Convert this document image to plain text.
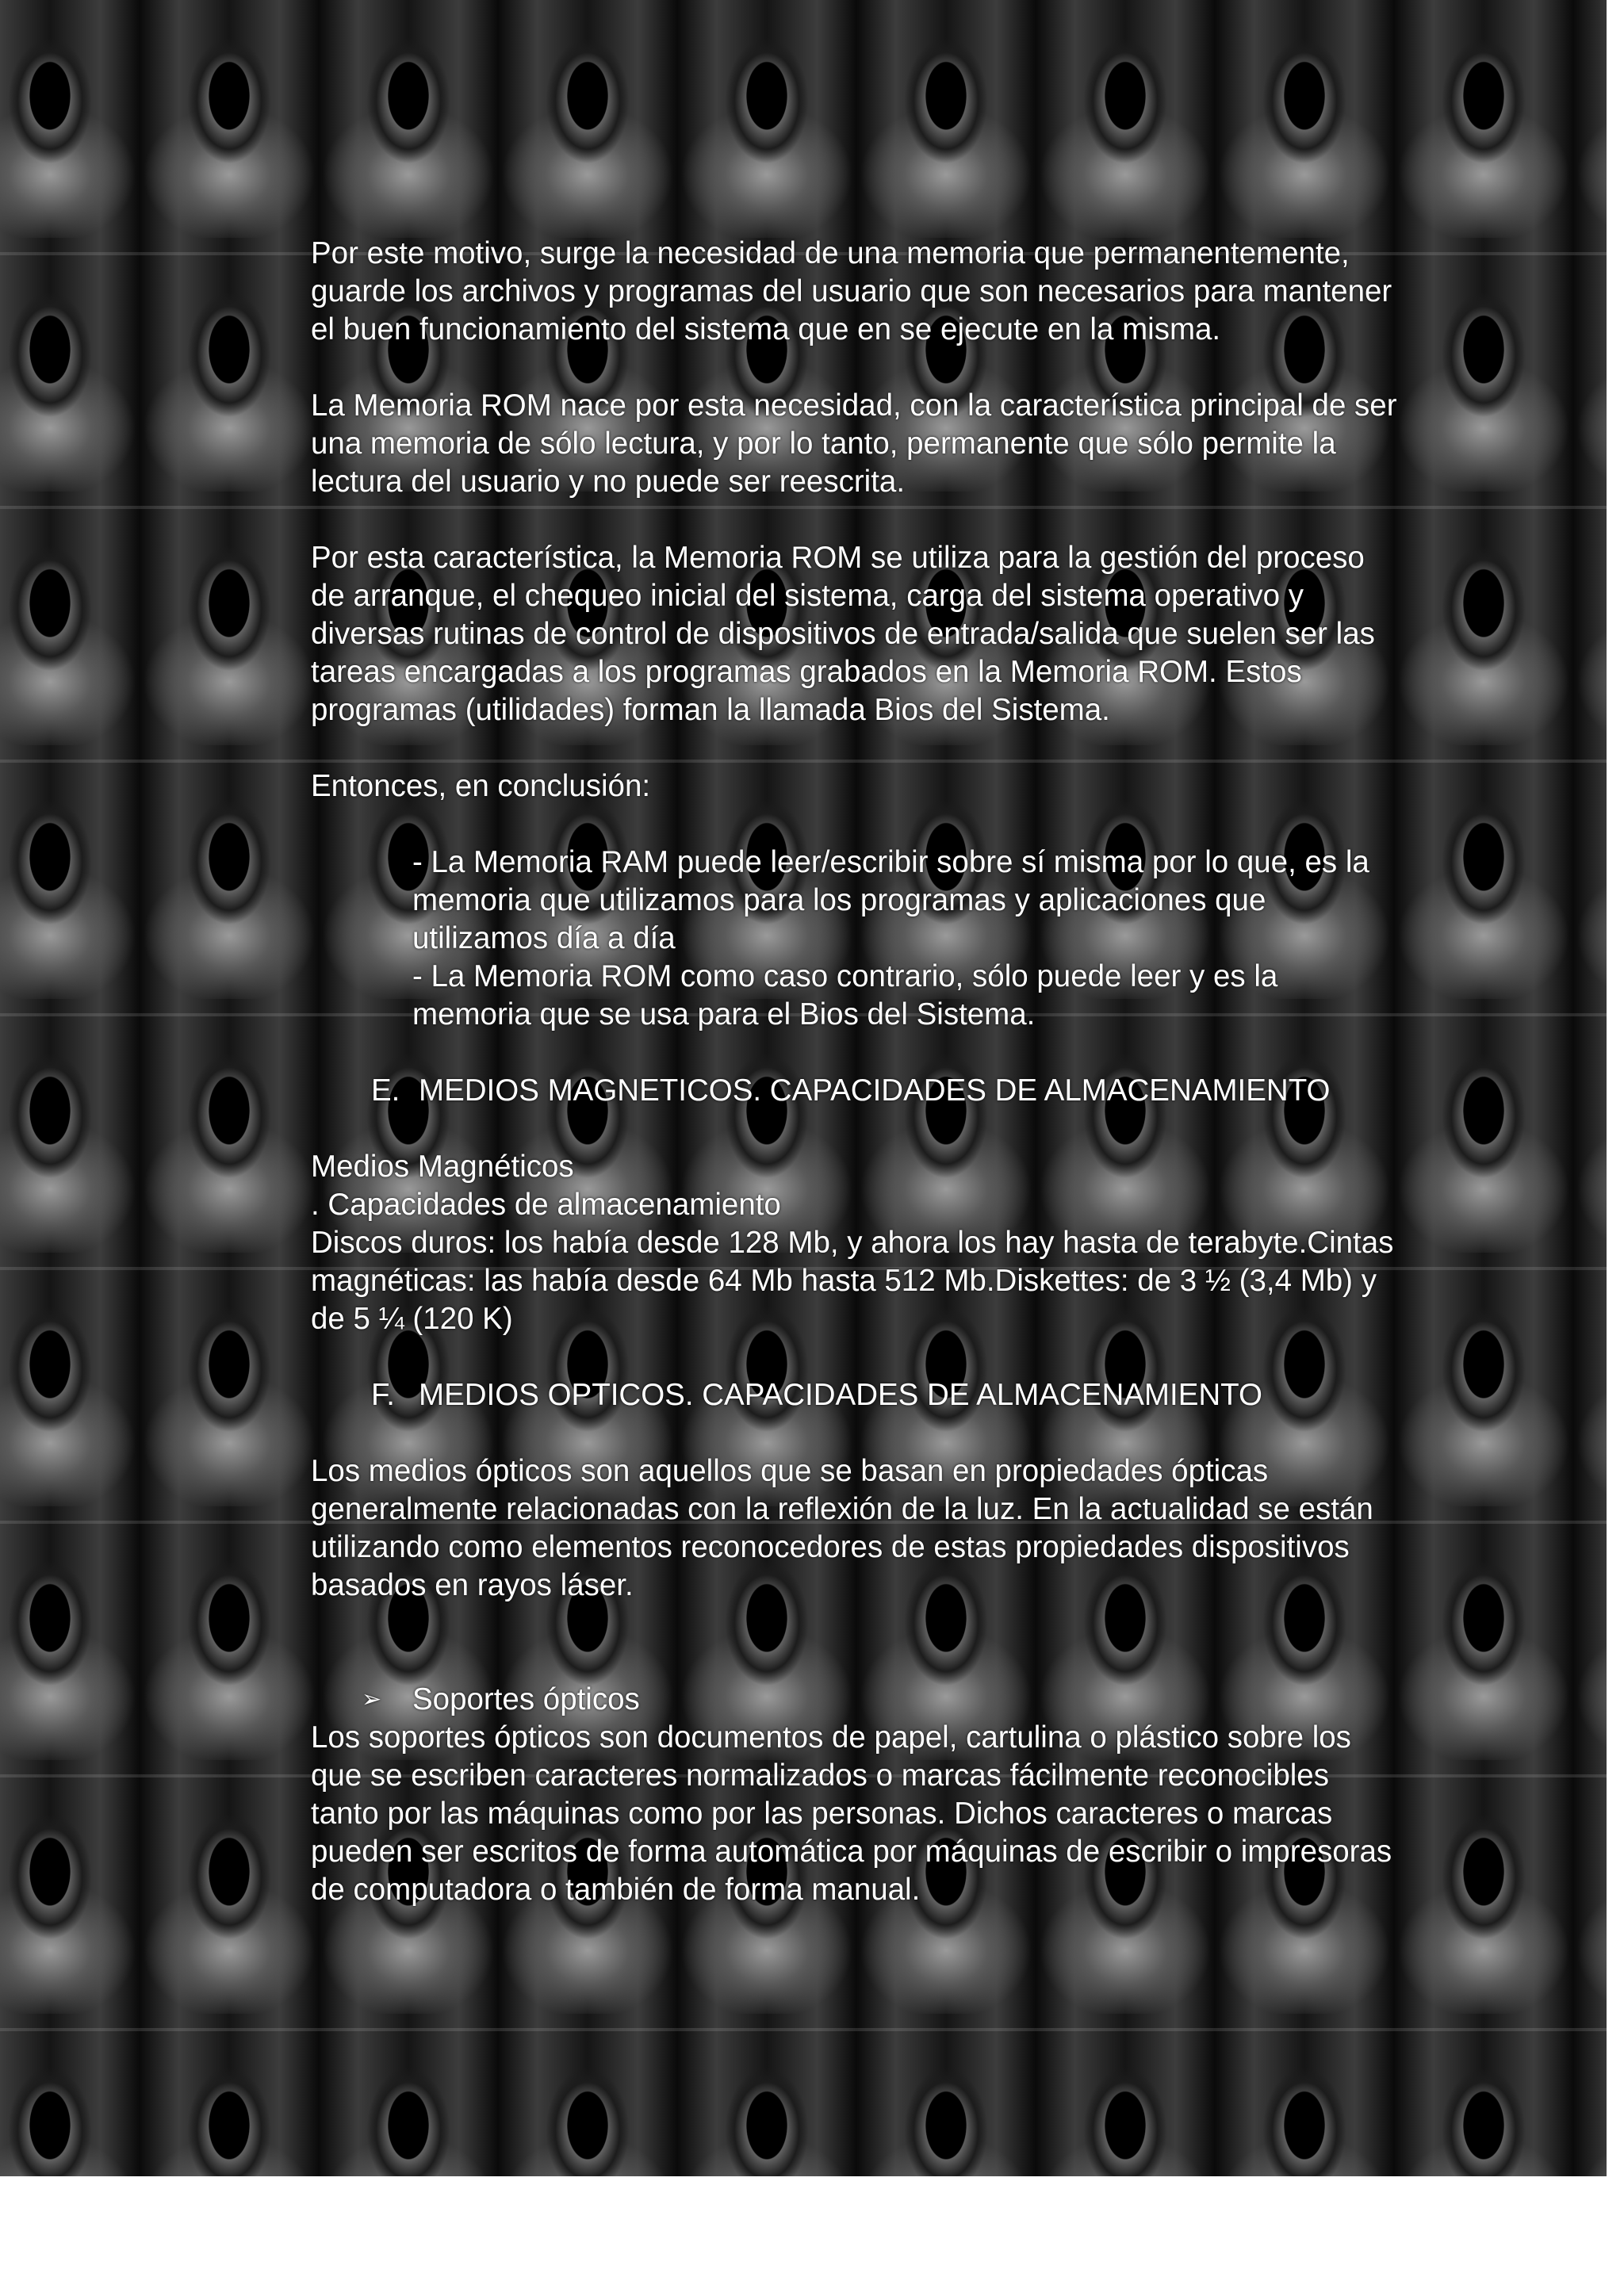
Por este motivo, surge la necesidad de una memoria que permanentemente, guarde los archivos y programas del usuario que son necesarios para mantener el buen funcionamiento del sistema que en se ejecute en la misma.

La Memoria ROM nace por esta necesidad, con la característica principal de ser una memoria de sólo lectura, y por lo tanto, permanente que sólo permite la lectura del usuario y no puede ser reescrita.

Por esta característica, la Memoria ROM se utiliza para la gestión del proceso de arranque, el chequeo inicial del sistema, carga del sistema operativo y diversas rutinas de control de dispositivos de entrada/salida que suelen ser las tareas encargadas a los programas grabados en la Memoria ROM. Estos programas (utilidades) forman la llamada Bios del Sistema.

Entonces, en conclusión:

- La Memoria RAM puede leer/escribir sobre sí misma por lo que, es la memoria que utilizamos para los programas y aplicaciones que utilizamos día a día

- La Memoria ROM como caso contrario, sólo puede leer y es la memoria que se usa para el Bios del Sistema.

E. MEDIOS MAGNETICOS. CAPACIDADES DE ALMACENAMIENTO

Medios Magnéticos

. Capacidades de almacenamiento

Discos duros: los había desde 128 Mb, y ahora los hay hasta de terabyte.Cintas magnéticas: las había desde 64 Mb hasta 512 Mb.Diskettes: de 3 ½ (3,4 Mb) y de 5 ¼ (120 K)

F. MEDIOS OPTICOS. CAPACIDADES DE ALMACENAMIENTO

Los medios ópticos son aquellos que se basan en propiedades ópticas generalmente relacionadas con la reflexión de la luz. En la actualidad se están utilizando como elementos reconocedores de estas propiedades dispositivos basados en rayos láser.

➢ Soportes ópticos

Los soportes ópticos son documentos de papel, cartulina o plástico sobre los que se escriben caracteres normalizados o marcas fácilmente reconocibles tanto por las máquinas como por las personas. Dichos caracteres o marcas pueden ser escritos de forma automática por máquinas de escribir o impresoras de computadora o también de forma manual.
